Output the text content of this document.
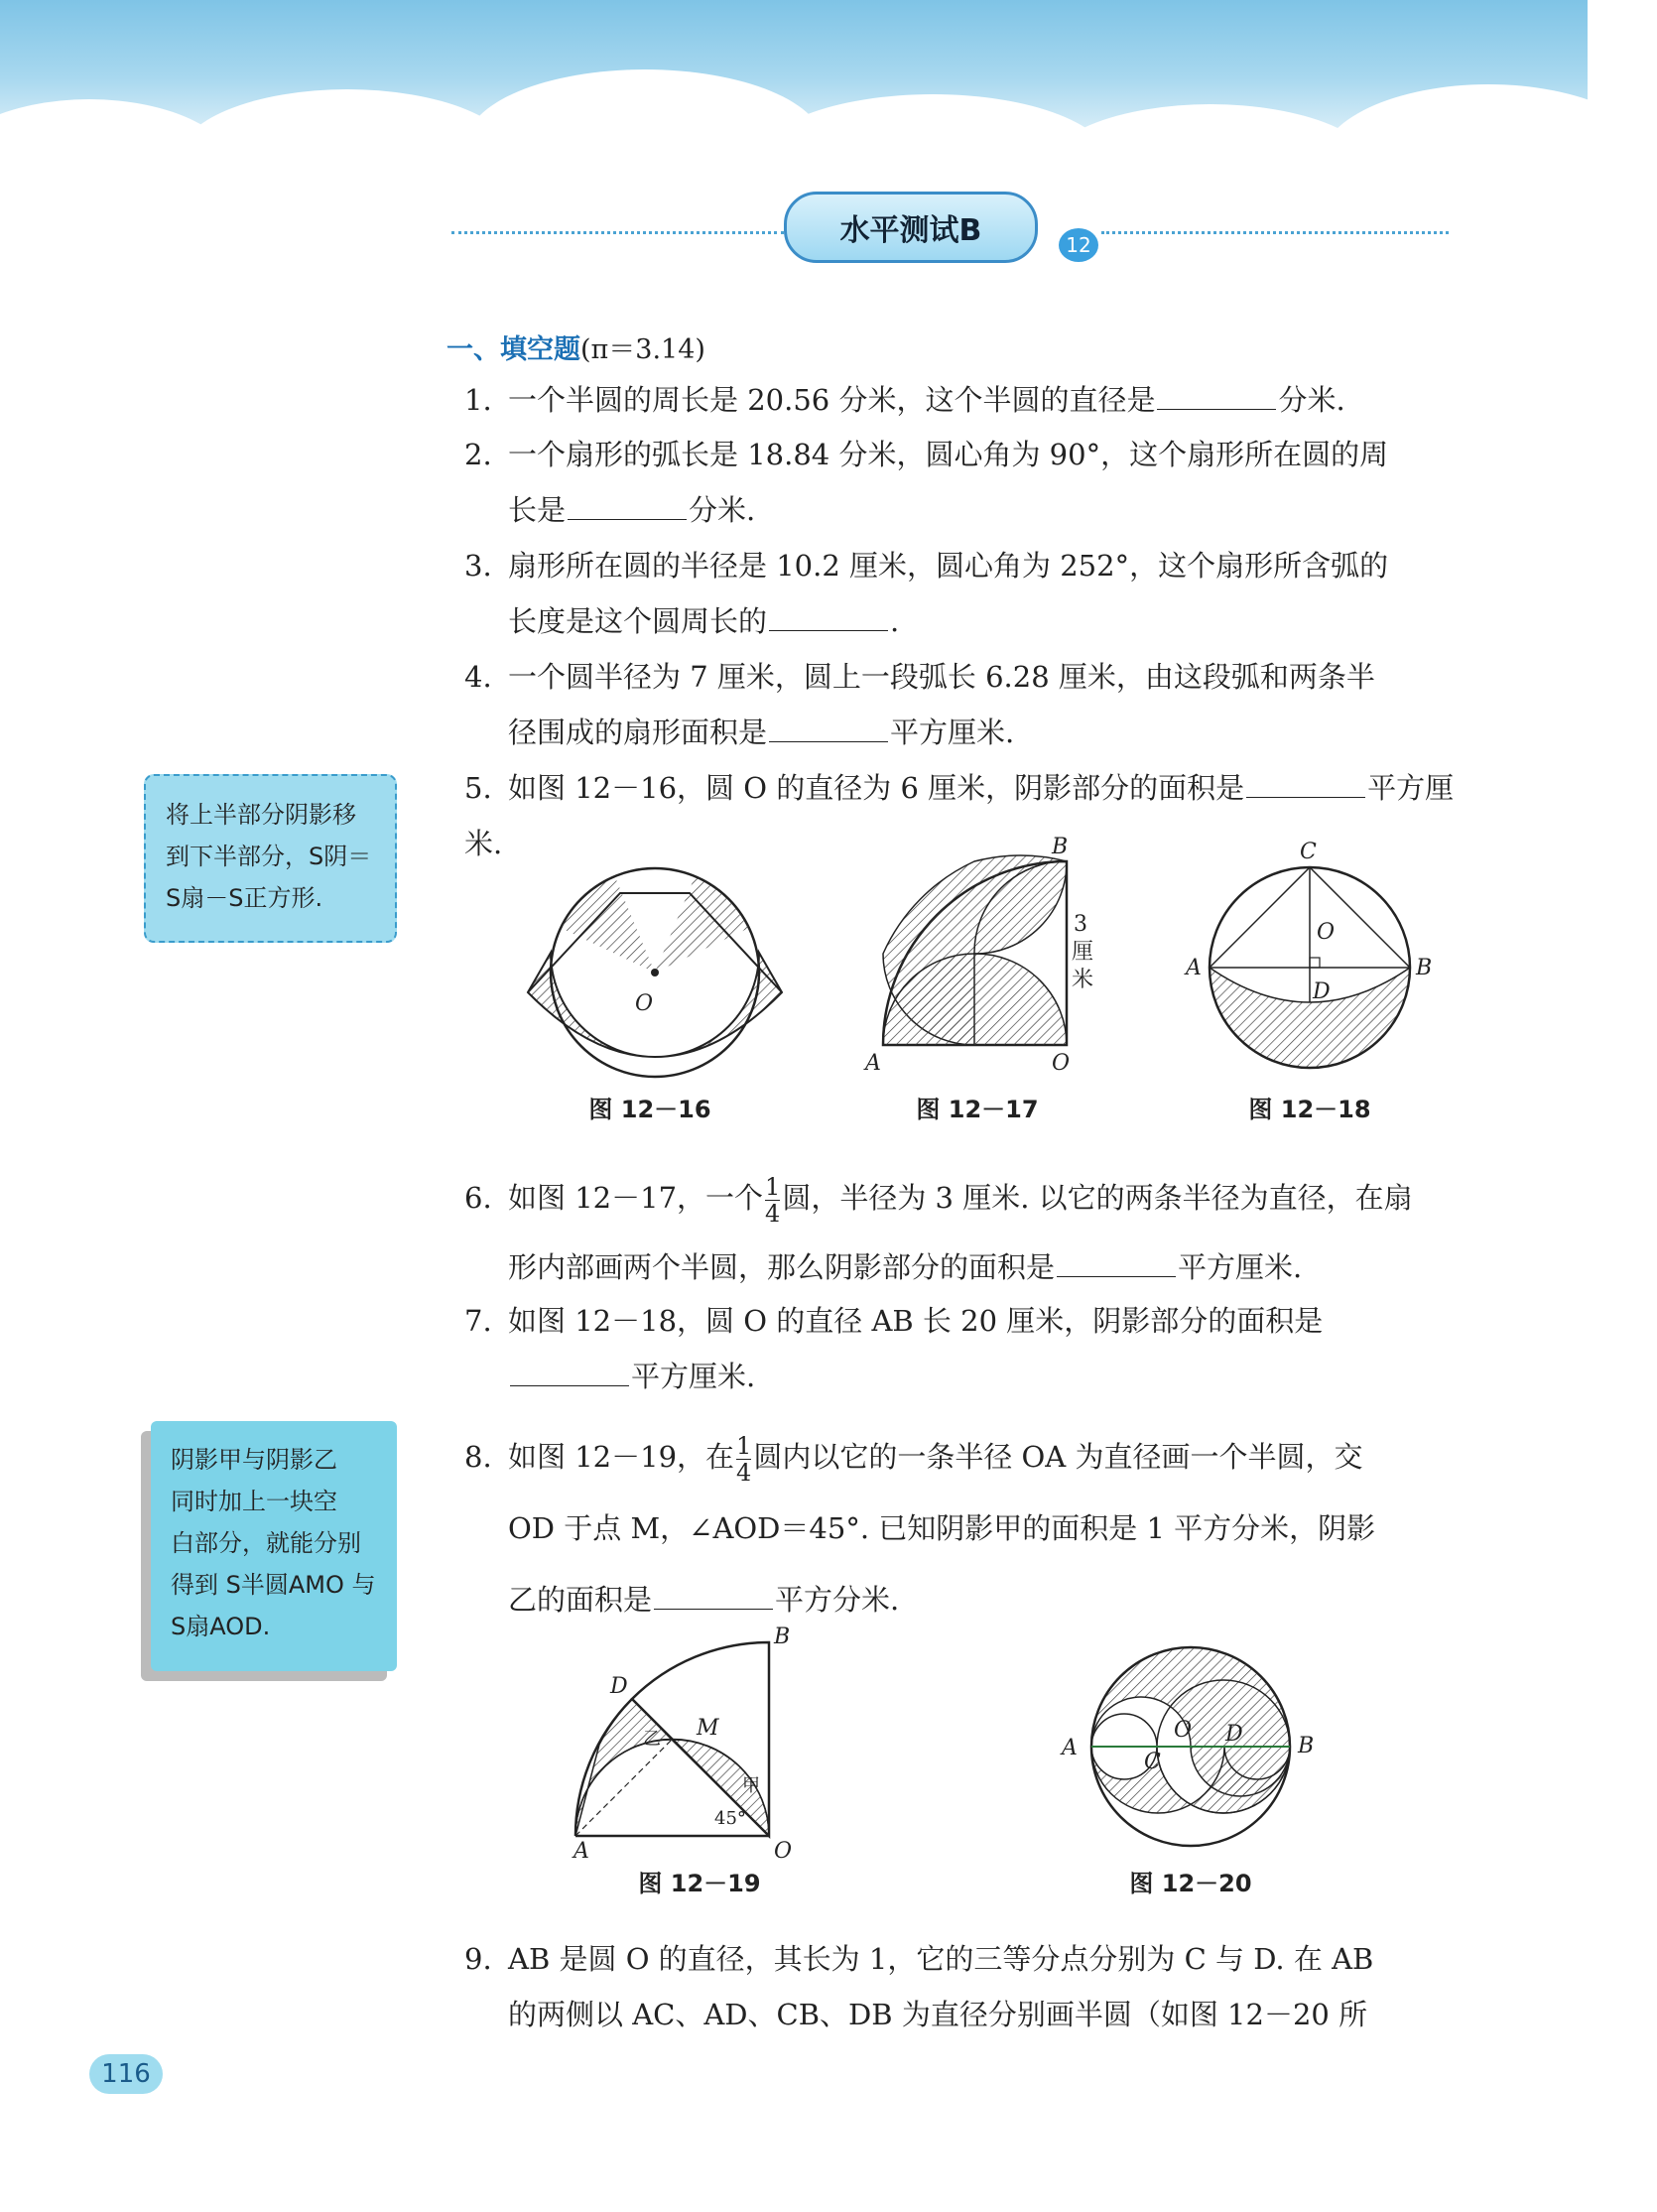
水平测试B	12
一、填空题(π＝3.14)
1. 一个半圆的周长是 20.56 分米，这个半圆的直径是	分米.
2. 一个扇形的弧长是 18.84 分米，圆心角为 90°，这个扇形所在圆的周
长是	分米.
3. 扇形所在圆的半径是 10.2 厘米，圆心角为 252°，这个扇形所含弧的
长度是这个圆周长的	.
4. 一个圆半径为 7 厘米，圆上一段弧长 6.28 厘米，由这段弧和两条半
径围成的扇形面积是	平方厘米.
5. 如图 12－16，圆 O 的直径为 6 厘米，阴影部分的面积是	平方厘米.
将上半部分阴影移
到下半部分，S阴＝
S扇－S正方形.
O
图 12－16
B
A	O
3
厘
米
图 12－17
A	B
C
O
D
图 12－18
6. 如图 12－17，一个 $\frac{1}{4}$ 圆，半径为 3 厘米. 以它的两条半径为直径，在扇
形内部画两个半圆，那么阴影部分的面积是	平方厘米.
7. 如图 12－18，圆 O 的直径 AB 长 20 厘米，阴影部分的面积是
平方厘米.
阴影甲与阴影乙
同时加上一块空
白部分，就能分别
得到 S半圆AMO 与
S扇AOD.
8. 如图 12－19，在 $\frac{1}{4}$ 圆内以它的一条半径 OA 为直径画一个半圆，交
OD 于点 M，∠AOD＝45°. 已知阴影甲的面积是 1 平方分米，阴影
乙的面积是	平方分米.
B
A
D
M
O
乙
甲
45°
图 12－19
A	B
C
D
O
图 12－20
9. AB 是圆 O 的直径，其长为 1，它的三等分点分别为 C 与 D. 在 AB
的两侧以 AC、AD、CB、DB 为直径分别画半圆（如图 12－20 所
116
